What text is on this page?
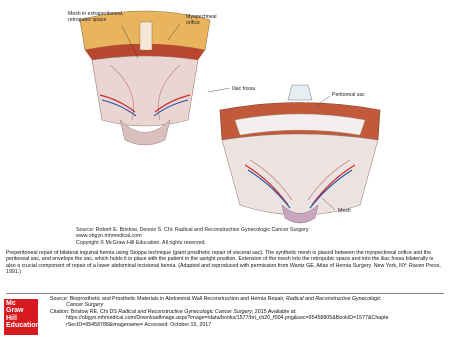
Mesh in extraperitoneal,
retropubic space	Myopectineal
orifice
Iliac fossa
Peritoneal sac
Mesh
Source: Robert E. Bristow, Dennis S. Chi: Radical and Reconstructive Gynecologic Cancer Surgery
www.obgyn.mhmedical.com
Copyright © McGraw-Hill Education. All rights reserved.
Preperitoneal repair of bilateral inguinal hernia using Stoppa technique (giant prosthetic repair of visceral sac). The synthetic mesh is placed between the myopectineal orifice and the peritoneal sac, and envelops the sac, which holds it in place with the patient in the upright position. Extension of the mesh into the retropubic space and into the iliac fossa bilaterally is also a crucial component of repair of a lower abdominal incisional hernia. (Adapted and reproduced with permission from Wantz GE. Atlas of Hernia Surgery. New York, NY: Raven Press, 1991.)
Mc
Graw
Hill
Education
Source: Bioprosthetic and Prosthetic Materials in Abdominal Wall Reconstruction and Hernia Repair, Radical and Reconstructive Gynecologic
Cancer Surgery
Citation: Bristow RE, Chi DS Radical and Reconstructive Gynecologic Cancer Surgery; 2015 Available at:
https://obgyn.mhmedical.com/DownloadImage.aspx?image=/data/books/1577/bri_ch20_f004.png&sec=95458805&BookID=1577&Chapte
rSecID=95458788&imagename= Accessed: October 15, 2017
